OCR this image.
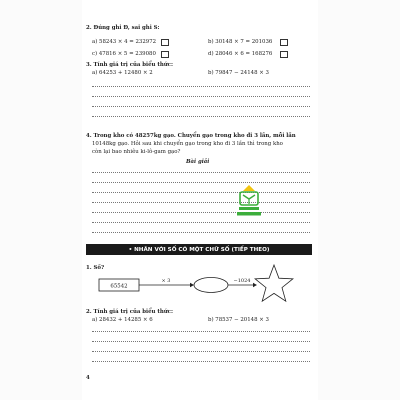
2. Đúng ghi Đ, sai ghi S:
a) 58243 × 4 = 232972	b) 30148 × 7 = 201036
c) 47816 × 5 = 239080	d) 28046 × 6 = 168276
3. Tính giá trị của biểu thức:
a) 64253 + 12480 × 2	b) 79847 − 24148 × 3
4. Trong kho có 48257kg gạo. Chuyển gạo trong kho đi 3 lần, mỗi lần
10148kg gạo. Hỏi sau khi chuyển gạo trong kho đi 3 lần thì trong kho
còn lại bao nhiêu ki-lô-gam gạo?
Bài giải
• NHÂN VỚI SỐ CÓ MỘT CHỮ SỐ (TIẾP THEO)
1. Số?
65542
× 3	−1024
2. Tính giá trị của biểu thức:
a) 28432 + 14285 × 6	b) 78537 − 20148 × 3
4
